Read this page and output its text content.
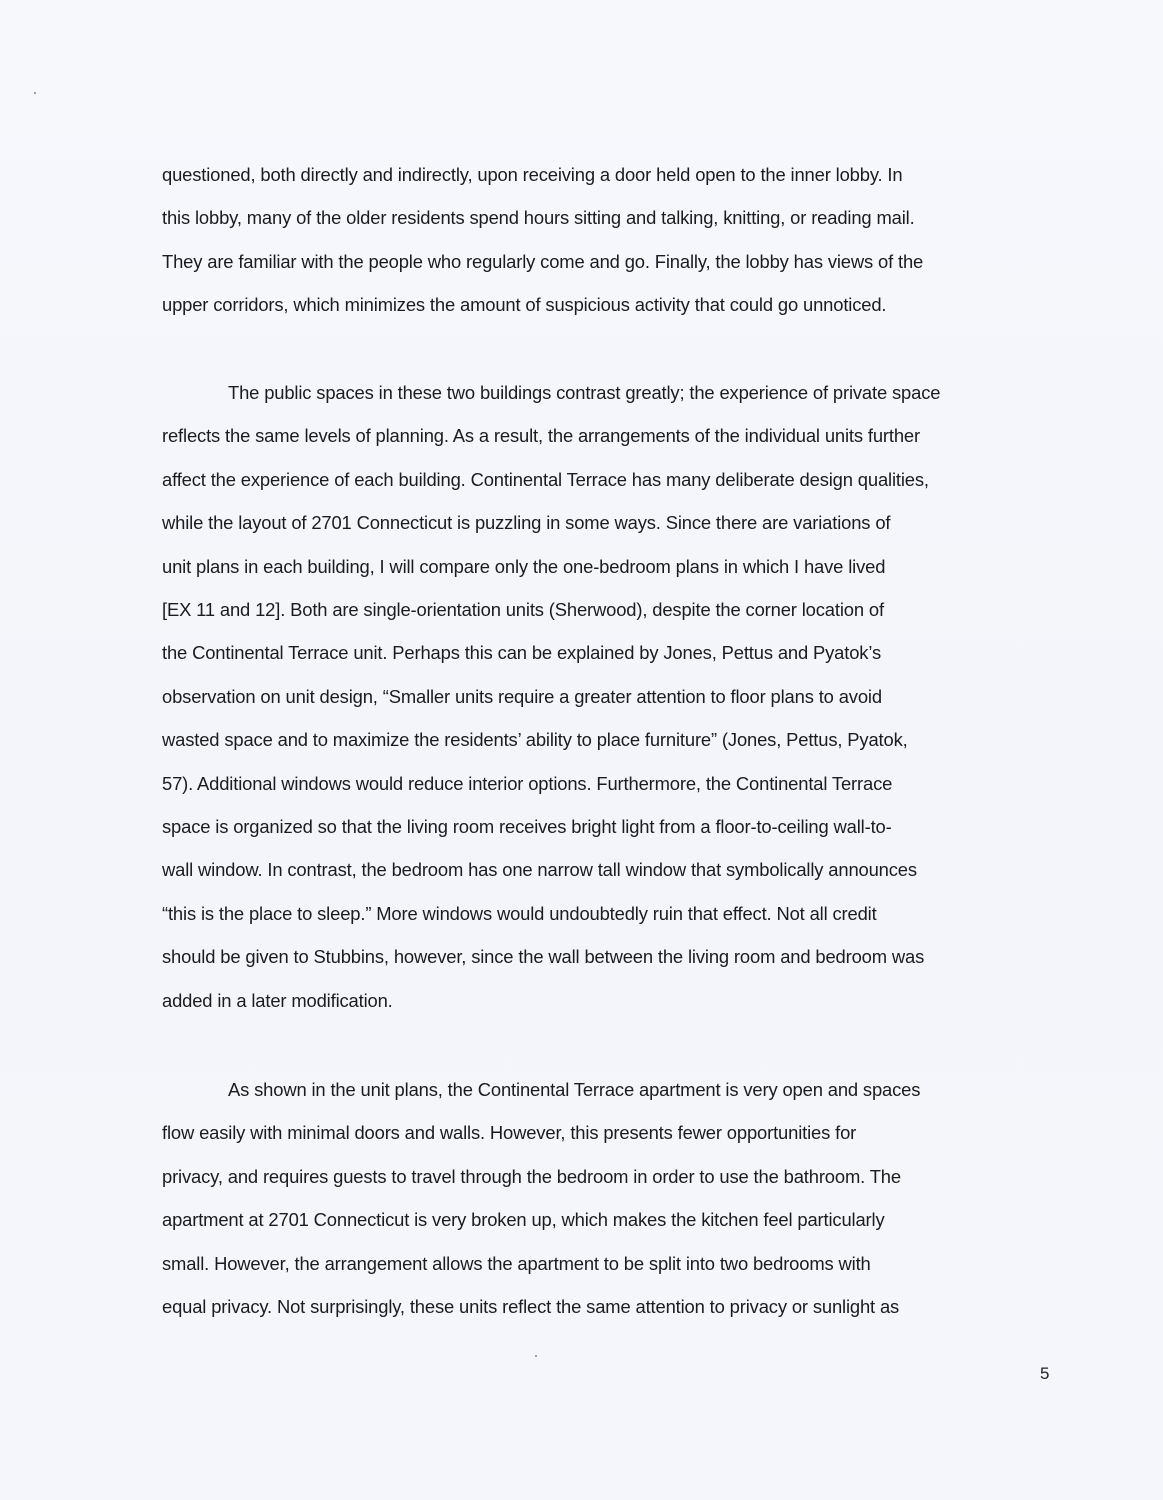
questioned, both directly and indirectly, upon receiving a door held open to the inner lobby. In
this lobby, many of the older residents spend hours sitting and talking, knitting, or reading mail.
They are familiar with the people who regularly come and go. Finally, the lobby has views of the
upper corridors, which minimizes the amount of suspicious activity that could go unnoticed.

The public spaces in these two buildings contrast greatly; the experience of private space
reflects the same levels of planning. As a result, the arrangements of the individual units further
affect the experience of each building. Continental Terrace has many deliberate design qualities,
while the layout of 2701 Connecticut is puzzling in some ways. Since there are variations of
unit plans in each building, I will compare only the one-bedroom plans in which I have lived
[EX 11 and 12]. Both are single-orientation units (Sherwood), despite the corner location of
the Continental Terrace unit. Perhaps this can be explained by Jones, Pettus and Pyatok’s
observation on unit design, “Smaller units require a greater attention to floor plans to avoid
wasted space and to maximize the residents’ ability to place furniture” (Jones, Pettus, Pyatok,
57). Additional windows would reduce interior options. Furthermore, the Continental Terrace
space is organized so that the living room receives bright light from a floor-to-ceiling wall-to-
wall window. In contrast, the bedroom has one narrow tall window that symbolically announces
“this is the place to sleep.” More windows would undoubtedly ruin that effect. Not all credit
should be given to Stubbins, however, since the wall between the living room and bedroom was
added in a later modification.

As shown in the unit plans, the Continental Terrace apartment is very open and spaces
flow easily with minimal doors and walls. However, this presents fewer opportunities for
privacy, and requires guests to travel through the bedroom in order to use the bathroom. The
apartment at 2701 Connecticut is very broken up, which makes the kitchen feel particularly
small. However, the arrangement allows the apartment to be split into two bedrooms with
equal privacy. Not surprisingly, these units reflect the same attention to privacy or sunlight as

5
